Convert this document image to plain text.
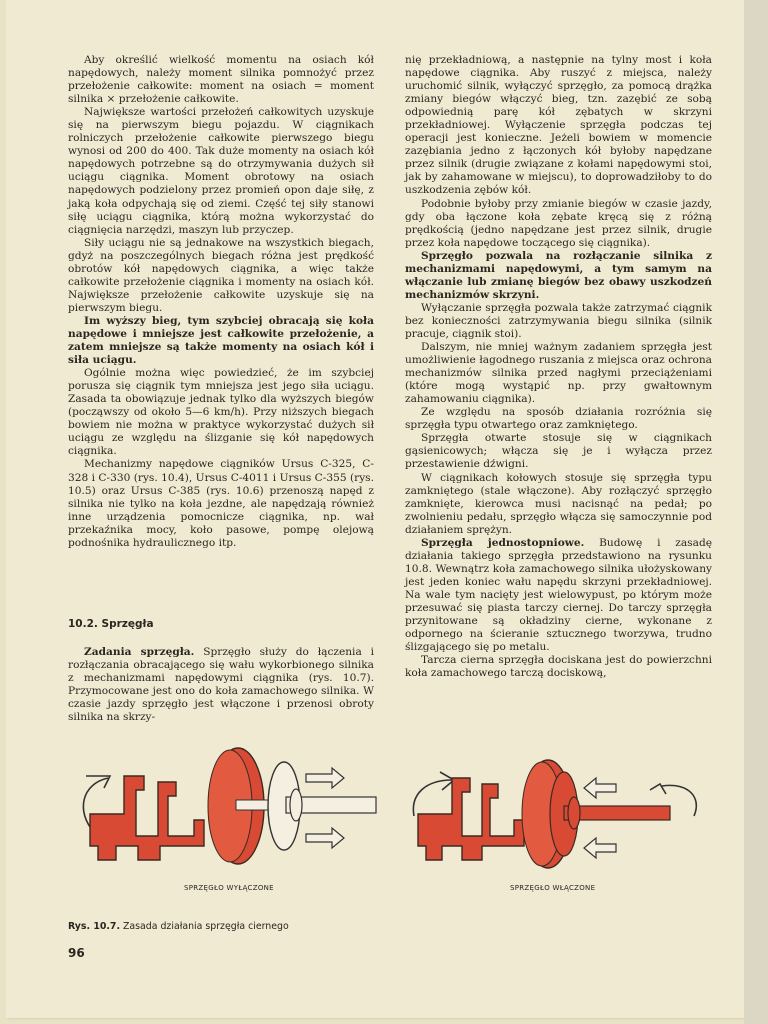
Aby określić wielkość momentu na osiach kół napędowych, należy moment silnika pomnożyć przez przełożenie całkowite: moment na osiach = moment silnika × przełożenie całkowite.

Największe wartości przełożeń całkowitych uzyskuje się na pierwszym biegu pojazdu. W ciągnikach rolniczych przełożenie całkowite pierwszego biegu wynosi od 200 do 400. Tak duże momenty na osiach kół napędowych potrzebne są do otrzymywania dużych sił uciągu ciągnika. Moment obrotowy na osiach napędowych podzielony przez promień opon daje siłę, z jaką koła odpychają się od ziemi. Część tej siły stanowi siłę uciągu ciągnika, którą można wykorzystać do ciągnięcia narzędzi, maszyn lub przyczep.

Siły uciągu nie są jednakowe na wszystkich biegach, gdyż na poszczególnych biegach różna jest prędkość obrotów kół napędowych ciągnika, a więc także całkowite przełożenie ciągnika i momenty na osiach kół. Największe przełożenie całkowite uzyskuje się na pierwszym biegu.

Im wyższy bieg, tym szybciej obracają się koła napędowe i mniejsze jest całkowite przełożenie, a zatem mniejsze są także momenty na osiach kół i siła uciągu.

Ogólnie można więc powiedzieć, że im szybciej porusza się ciągnik tym mniejsza jest jego siła uciągu. Zasada ta obowiązuje jednak tylko dla wyższych biegów (począwszy od około 5—6 km/h). Przy niższych biegach bowiem nie można w praktyce wykorzystać dużych sił uciągu ze względu na ślizganie się kół napędowych ciągnika.

Mechanizmy napędowe ciągników Ursus C-325, C-328 i C-330 (rys. 10.4), Ursus C-4011 i Ursus C-355 (rys. 10.5) oraz Ursus C-385 (rys. 10.6) przenoszą napęd z silnika nie tylko na koła jezdne, ale napędzają również inne urządzenia pomocnicze ciągnika, np. wał przekaźnika mocy, koło pasowe, pompę olejową podnośnika hydraulicznego itp.

10.2. Sprzęgła

Zadania sprzęgła. Sprzęgło służy do łączenia i rozłączania obracającego się wału wykorbionego silnika z mechanizmami napędowymi ciągnika (rys. 10.7). Przymocowane jest ono do koła zamachowego silnika. W czasie jazdy sprzęgło jest włączone i przenosi obroty silnika na skrzy-

nię przekładniową, a następnie na tylny most i koła napędowe ciągnika. Aby ruszyć z miejsca, należy uruchomić silnik, wyłączyć sprzęgło, za pomocą drążka zmiany biegów włączyć bieg, tzn. zazębić ze sobą odpowiednią parę kół zębatych w skrzyni przekładniowej. Wyłączenie sprzęgła podczas tej operacji jest konieczne. Jeżeli bowiem w momencie zazębiania jedno z łączonych kół byłoby napędzane przez silnik (drugie związane z kołami napędowymi stoi, jak by zahamowane w miejscu), to doprowadziłoby to do uszkodzenia zębów kół.

Podobnie byłoby przy zmianie biegów w czasie jazdy, gdy oba łączone koła zębate kręcą się z różną prędkością (jedno napędzane jest przez silnik, drugie przez koła napędowe toczącego się ciągnika).

Sprzęgło pozwala na rozłączanie silnika z mechanizmami napędowymi, a tym samym na włączanie lub zmianę biegów bez obawy uszkodzeń mechanizmów skrzyni.

Wyłączanie sprzęgła pozwala także zatrzymać ciągnik bez konieczności zatrzymywania biegu silnika (silnik pracuje, ciągnik stoi).

Dalszym, nie mniej ważnym zadaniem sprzęgła jest umożliwienie łagodnego ruszania z miejsca oraz ochrona mechanizmów silnika przed nagłymi przeciążeniami (które mogą wystąpić np. przy gwałtownym zahamowaniu ciągnika).

Ze względu na sposób działania rozróżnia się sprzęgła typu otwartego oraz zamkniętego.

Sprzęgła otwarte stosuje się w ciągnikach gąsienicowych; włącza się je i wyłącza przez przestawienie dźwigni.

W ciągnikach kołowych stosuje się sprzęgła typu zamkniętego (stale włączone). Aby rozłączyć sprzęgło zamknięte, kierowca musi nacisnąć na pedał; po zwolnieniu pedału, sprzęgło włącza się samoczynnie pod działaniem sprężyn.

Sprzęgła jednostopniowe. Budowę i zasadę działania takiego sprzęgła przedstawiono na rysunku 10.8. Wewnątrz koła zamachowego silnika ułożyskowany jest jeden koniec wału napędu skrzyni przekładniowej. Na wale tym nacięty jest wielowypust, po którym może przesuwać się piasta tarczy ciernej. Do tarczy sprzęgła przynitowane są okładziny cierne, wykonane z odpornego na ścieranie sztucznego tworzywa, trudno ślizgającego się po metalu.

Tarcza cierna sprzęgła dociskana jest do powierzchni koła zamachowego tarczą dociskową,

SPRZĘGŁO WYŁĄCZONE	SPRZĘGŁO WŁĄCZONE
Rys. 10.7. Zasada działania sprzęgła ciernego
96
